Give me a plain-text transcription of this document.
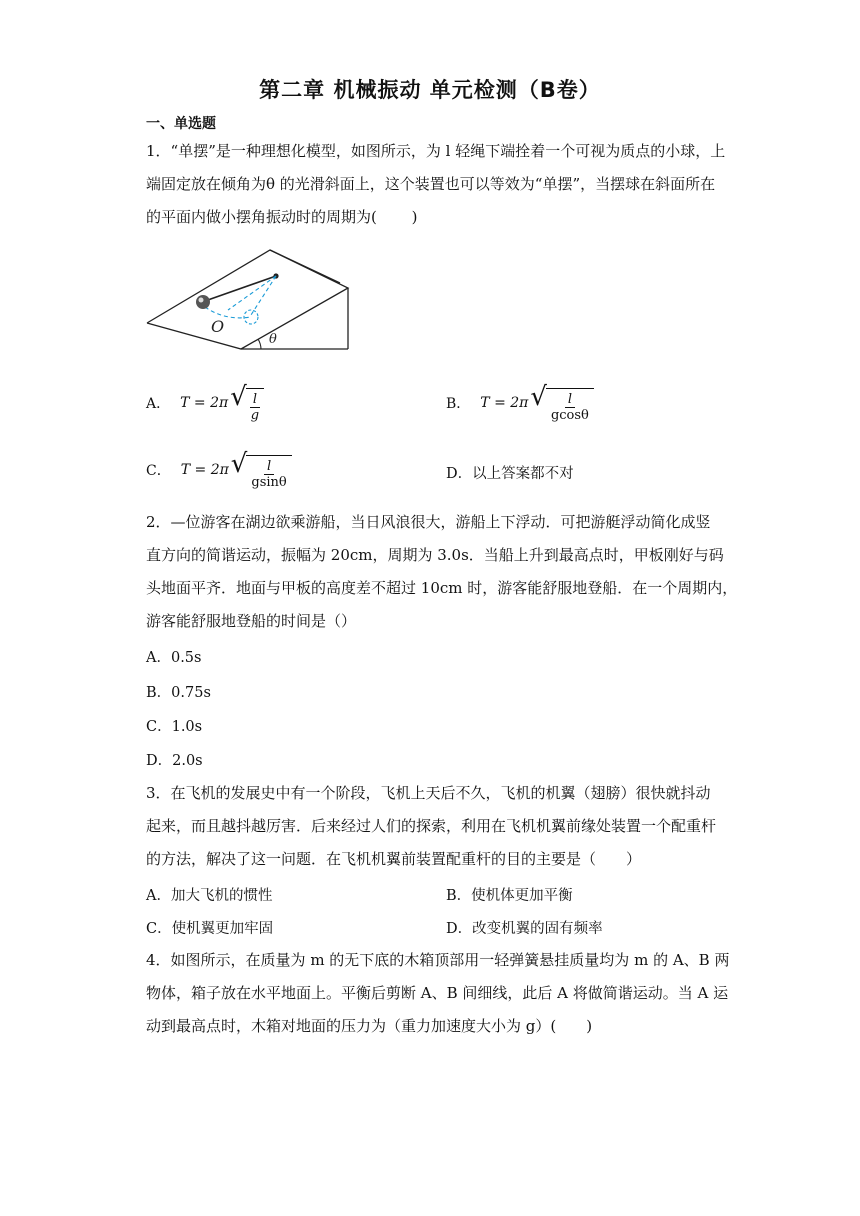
第二章 机械振动 单元检测（B卷）
一、单选题
1．“单摆”是一种理想化模型，如图所示，为 l 轻绳下端拴着一个可视为质点的小球，上
端固定放在倾角为θ 的光滑斜面上，这个装置也可以等效为“单摆”，当摆球在斜面所在
的平面内做小摆角振动时的周期为(　　 )
O
θ
A． T = 2π √ $\frac{l}{g}$	B． T = 2π √ $\frac{l}{gcos\theta}$
C． T = 2π √ $\frac{l}{gsin\theta}$	D．以上答案都不对
2．—位游客在湖边欲乘游船，当日风浪很大，游船上下浮动．可把游艇浮动简化成竖
直方向的简谐运动，振幅为 20cm，周期为 3.0s．当船上升到最高点时，甲板刚好与码
头地面平齐．地面与甲板的高度差不超过 10cm 时，游客能舒服地登船．在一个周期内，
游客能舒服地登船的时间是（）
A．0.5s
B．0.75s
C．1.0s
D．2.0s
3．在飞机的发展史中有一个阶段，飞机上天后不久，飞机的机翼（翅膀）很快就抖动
起来，而且越抖越厉害．后来经过人们的探索，利用在飞机机翼前缘处装置一个配重杆
的方法，解决了这一问题．在飞机机翼前装置配重杆的目的主要是（　　）
A．加大飞机的惯性	B．使机体更加平衡
C．使机翼更加牢固	D．改变机翼的固有频率
4．如图所示，在质量为 m 的无下底的木箱顶部用一轻弹簧悬挂质量均为 m 的 A、B 两
物体，箱子放在水平地面上。平衡后剪断 A、B 间细线，此后 A 将做简谐运动。当 A 运
动到最高点时，木箱对地面的压力为（重力加速度大小为 g）(　　)
